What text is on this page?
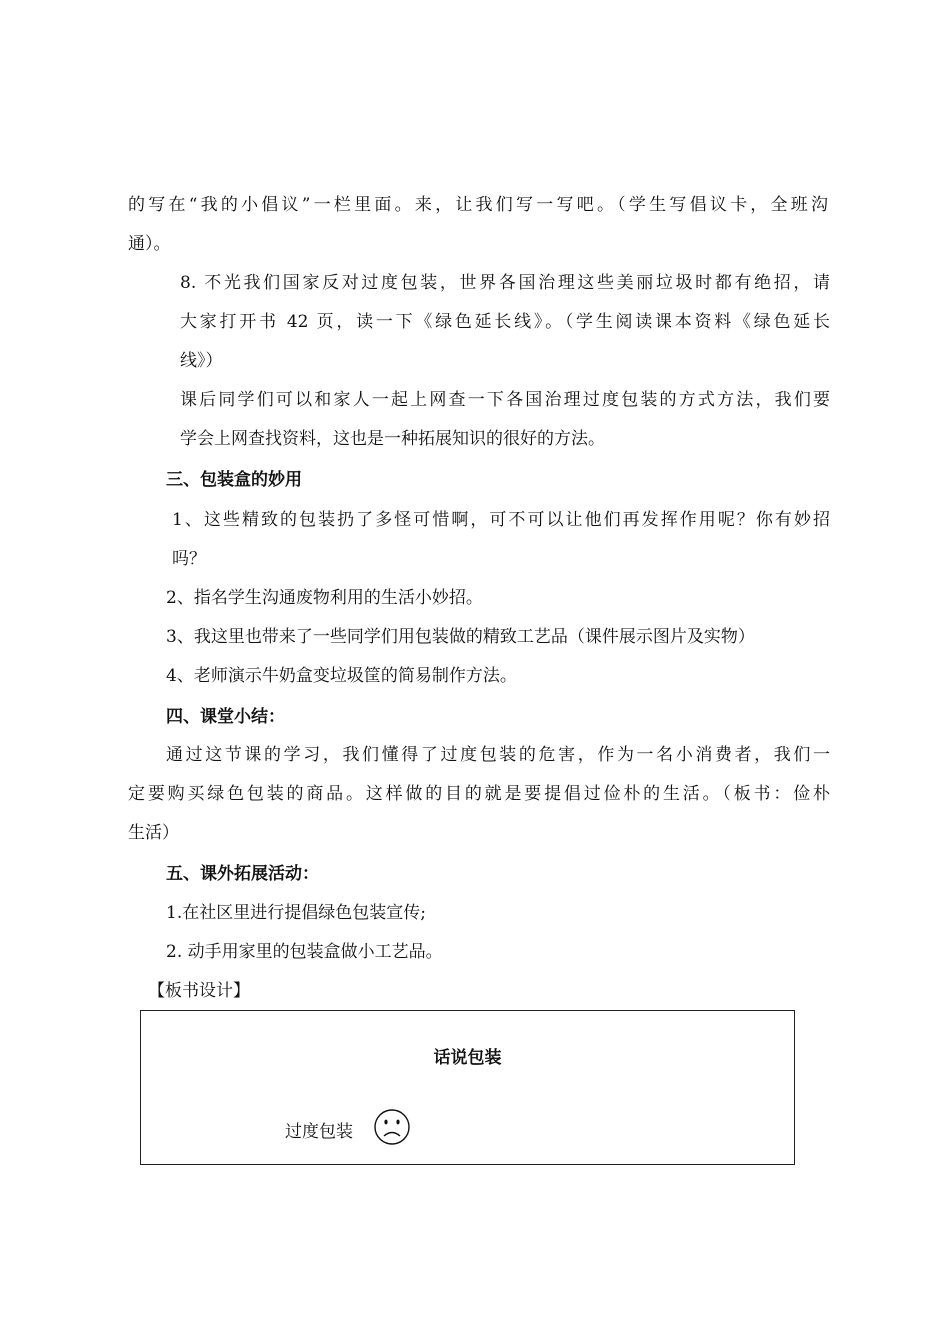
的写在“我的小倡议”一栏里面。来，让我们写一写吧。（学生写倡议卡，全班沟
通）。
8. 不光我们国家反对过度包装，世界各国治理这些美丽垃圾时都有绝招，请
大家打开书 42 页，读一下《绿色延长线》。（学生阅读课本资料《绿色延长
线》）
课后同学们可以和家人一起上网查一下各国治理过度包装的方式方法，我们要
学会上网查找资料，这也是一种拓展知识的很好的方法。
三、包装盒的妙用
1、这些精致的包装扔了多怪可惜啊，可不可以让他们再发挥作用呢？你有妙招
吗？
2、指名学生沟通废物利用的生活小妙招。
3、我这里也带来了一些同学们用包装做的精致工艺品（课件展示图片及实物）
4、老师演示牛奶盒变垃圾筐的简易制作方法。
四、课堂小结：
通过这节课的学习，我们懂得了过度包装的危害，作为一名小消费者，我们一
定要购买绿色包装的商品。这样做的目的就是要提倡过俭朴的生活。（板书：俭朴
生活）
五、课外拓展活动：
1.在社区里进行提倡绿色包装宣传;
2. 动手用家里的包装盒做小工艺品。
【板书设计】
话说包装
过度包装
